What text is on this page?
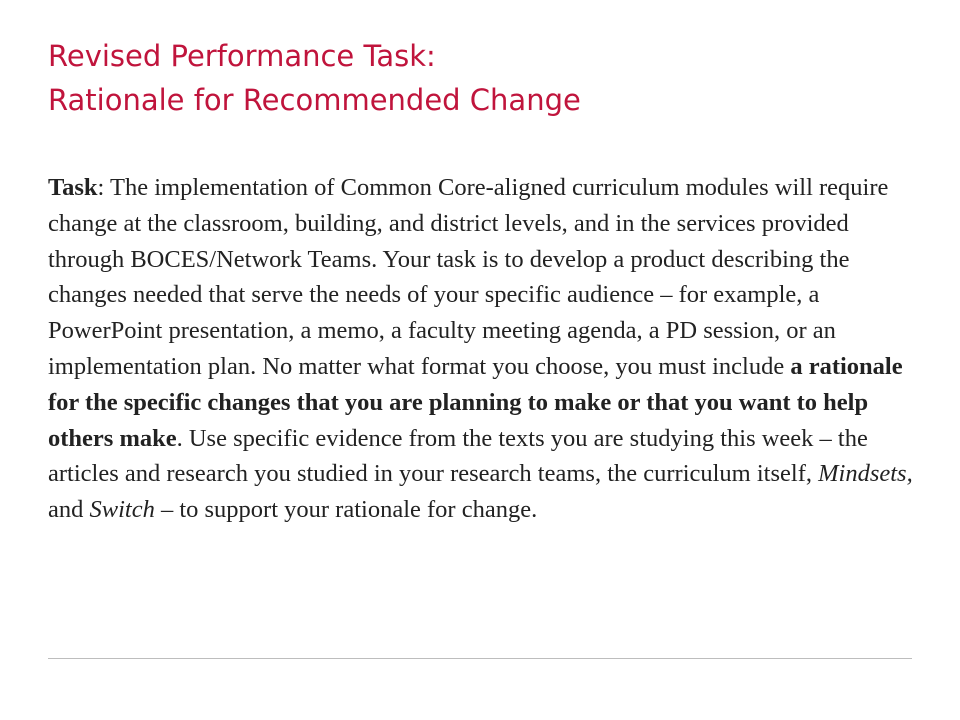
Revised Performance Task:
Rationale for Recommended Change

Task: The implementation of Common Core-aligned curriculum modules will require change at the classroom, building, and district levels, and in the services provided through BOCES/Network Teams. Your task is to develop a product describing the changes needed that serve the needs of your specific audience – for example, a PowerPoint presentation, a memo, a faculty meeting agenda, a PD session, or an implementation plan. No matter what format you choose, you must include a rationale for the specific changes that you are planning to make or that you want to help others make. Use specific evidence from the texts you are studying this week – the articles and research you studied in your research teams, the curriculum itself, Mindsets, and Switch – to support your rationale for change.
